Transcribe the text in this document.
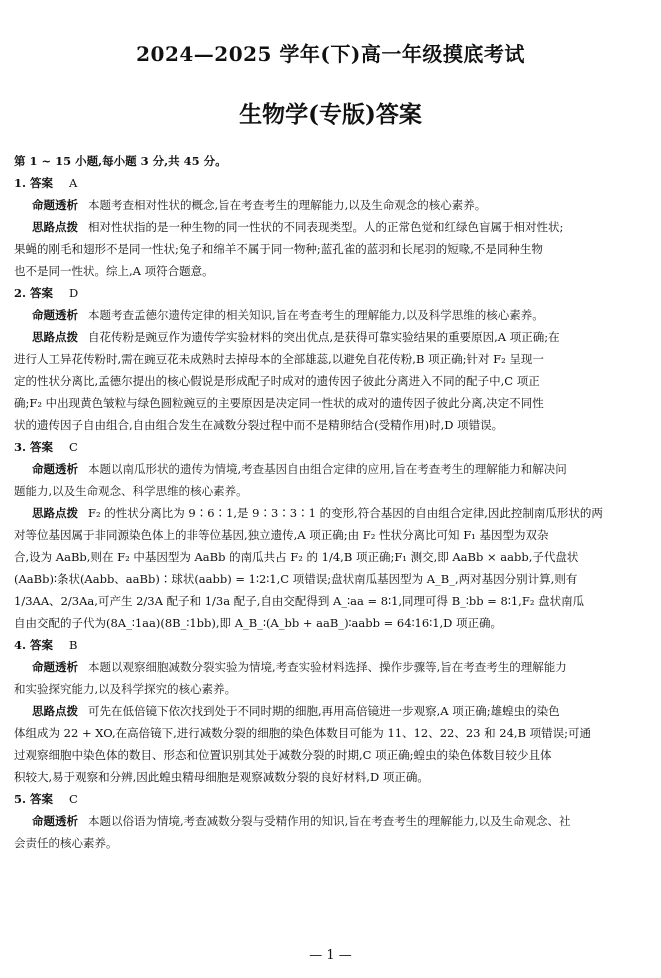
2024—2025 学年(下)高一年级摸底考试
生物学(专版)答案
第 1 ~ 15 小题,每小题 3 分,共 45 分。
1. 答案 A
命题透析 本题考查相对性状的概念,旨在考查考生的理解能力,以及生命观念的核心素养。
思路点拨 相对性状指的是一种生物的同一性状的不同表现类型。人的正常色觉和红绿色盲属于相对性状;
果蝇的刚毛和翅形不是同一性状;兔子和绵羊不属于同一物种;蓝孔雀的蓝羽和长尾羽的短喙,不是同种生物
也不是同一性状。综上,A 项符合题意。
2. 答案 D
命题透析 本题考查孟德尔遗传定律的相关知识,旨在考查考生的理解能力,以及科学思维的核心素养。
思路点拨 自花传粉是豌豆作为遗传学实验材料的突出优点,是获得可靠实验结果的重要原因,A 项正确;在
进行人工异花传粉时,需在豌豆花未成熟时去掉母本的全部雄蕊,以避免自花传粉,B 项正确;针对 F₂ 呈现一
定的性状分离比,孟德尔提出的核心假说是形成配子时成对的遗传因子彼此分离进入不同的配子中,C 项正
确;F₂ 中出现黄色皱粒与绿色圆粒豌豆的主要原因是决定同一性状的成对的遗传因子彼此分离,决定不同性
状的遗传因子自由组合,自由组合发生在减数分裂过程中而不是精卵结合(受精作用)时,D 项错误。
3. 答案 C
命题透析 本题以南瓜形状的遗传为情境,考查基因自由组合定律的应用,旨在考查考生的理解能力和解决问
题能力,以及生命观念、科学思维的核心素养。
思路点拨 F₂ 的性状分离比为 9∶6∶1,是 9∶3∶3∶1 的变形,符合基因的自由组合定律,因此控制南瓜形状的两
对等位基因属于非同源染色体上的非等位基因,独立遗传,A 项正确;由 F₂ 性状分离比可知 F₁ 基因型为双杂
合,设为 AaBb,则在 F₂ 中基因型为 AaBb 的南瓜共占 F₂ 的 1/4,B 项正确;F₁ 测交,即 AaBb × aabb,子代盘状
(AaBb)∶条状(Aabb、aaBb)∶球状(aabb) = 1∶2∶1,C 项错误;盘状南瓜基因型为 A_B_,两对基因分别计算,则有
1/3AA、2/3Aa,可产生 2/3A 配子和 1/3a 配子,自由交配得到 A_∶aa = 8∶1,同理可得 B_∶bb = 8∶1,F₂ 盘状南瓜
自由交配的子代为(8A_∶1aa)(8B_∶1bb),即 A_B_∶(A_bb + aaB_)∶aabb = 64∶16∶1,D 项正确。
4. 答案 B
命题透析 本题以观察细胞减数分裂实验为情境,考查实验材料选择、操作步骤等,旨在考查考生的理解能力
和实验探究能力,以及科学探究的核心素养。
思路点拨 可先在低倍镜下依次找到处于不同时期的细胞,再用高倍镜进一步观察,A 项正确;雄蝗虫的染色
体组成为 22 + XO,在高倍镜下,进行减数分裂的细胞的染色体数目可能为 11、12、22、23 和 24,B 项错误;可通
过观察细胞中染色体的数目、形态和位置识别其处于减数分裂的时期,C 项正确;蝗虫的染色体数目较少且体
积较大,易于观察和分辨,因此蝗虫精母细胞是观察减数分裂的良好材料,D 项正确。
5. 答案 C
命题透析 本题以俗语为情境,考查减数分裂与受精作用的知识,旨在考查考生的理解能力,以及生命观念、社
会责任的核心素养。
— 1 —
